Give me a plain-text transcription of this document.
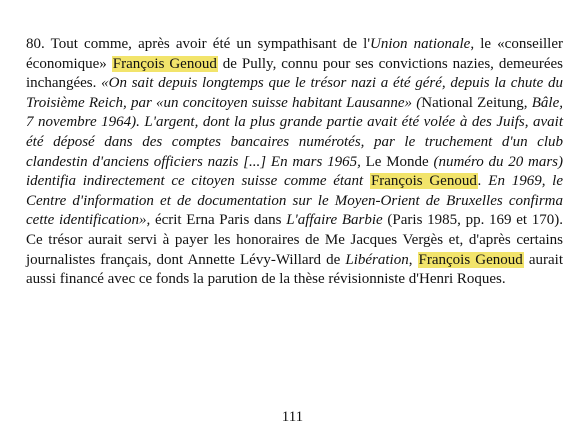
80. Tout comme, après avoir été un sympathisant de l'Union nationale, le «conseiller économique» François Genoud de Pully, connu pour ses convictions nazies, demeurées inchangées. «On sait depuis longtemps que le trésor nazi a été géré, depuis la chute du Troisième Reich, par «un concitoyen suisse habitant Lausanne» (National Zeitung, Bâle, 7 novembre 1964). L'argent, dont la plus grande partie avait été volée à des Juifs, avait été déposé dans des comptes bancaires numérotés, par le truchement d'un club clandestin d'anciens officiers nazis [...] En mars 1965, Le Monde (numéro du 20 mars) identifia indirectement ce citoyen suisse comme étant François Genoud. En 1969, le Centre d'information et de documentation sur le Moyen-Orient de Bruxelles confirma cette identification», écrit Erna Paris dans L'affaire Barbie (Paris 1985, pp. 169 et 170). Ce trésor aurait servi à payer les honoraires de Me Jacques Vergès et, d'après certains journalistes français, dont Annette Lévy-Willard de Libération, François Genoud aurait aussi financé avec ce fonds la parution de la thèse révisionniste d'Henri Roques.

111
